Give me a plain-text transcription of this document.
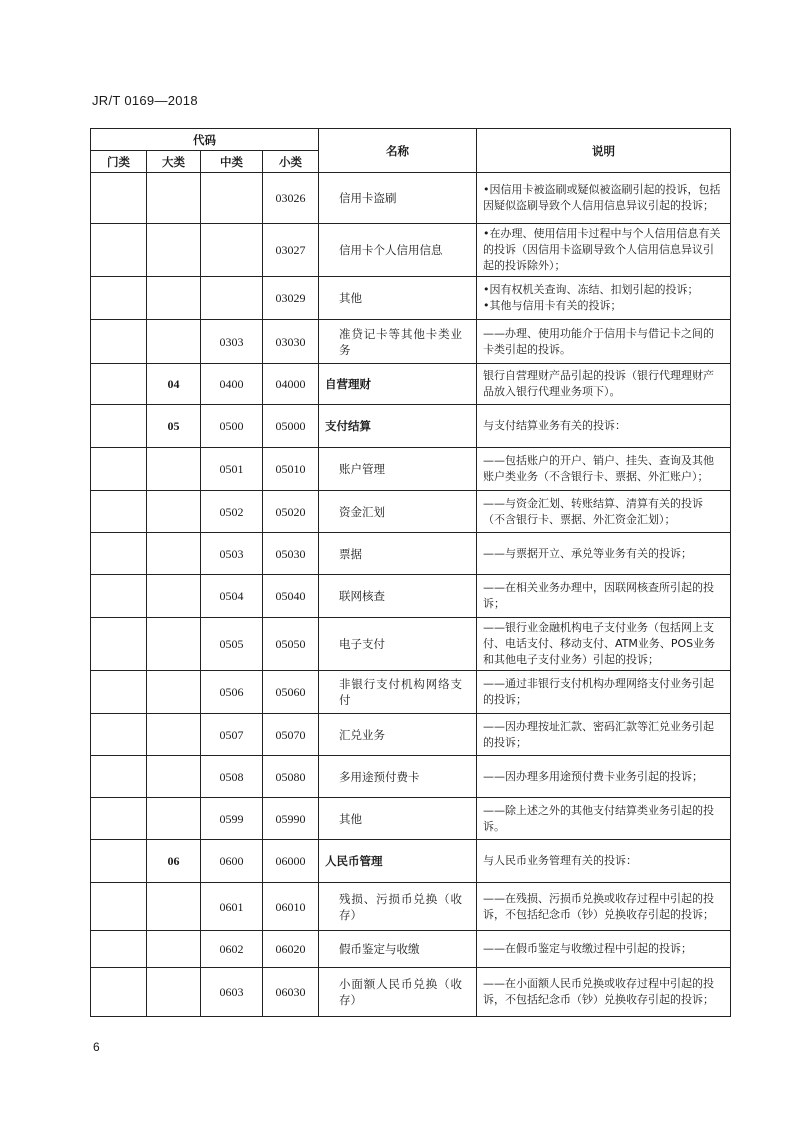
JR/T 0169—2018
代码				名称	说明
门类	大类	中类	小类		
			03026	信用卡盗刷	•因信用卡被盗刷或疑似被盗刷引起的投诉，包括因疑似盗刷导致个人信用信息异议引起的投诉；
			03027	信用卡个人信用信息	•在办理、使用信用卡过程中与个人信用信息有关的投诉（因信用卡盗刷导致个人信用信息异议引起的投诉除外）；
			03029	其他	•因有权机关查询、冻结、扣划引起的投诉；
•其他与信用卡有关的投诉；

		0303	03030	准贷记卡等其他卡类业务	——办理、使用功能介于信用卡与借记卡之间的卡类引起的投诉。
	04	0400	04000	自营理财	银行自营理财产品引起的投诉（银行代理理财产品放入银行代理业务项下）。
	05	0500	05000	支付结算	与支付结算业务有关的投诉：
		0501	05010	账户管理	——包括账户的开户、销户、挂失、查询及其他账户类业务（不含银行卡、票据、外汇账户）；
		0502	05020	资金汇划	——与资金汇划、转账结算、清算有关的投诉（不含银行卡、票据、外汇资金汇划）；
		0503	05030	票据	——与票据开立、承兑等业务有关的投诉；
		0504	05040	联网核查	——在相关业务办理中，因联网核查所引起的投诉；
		0505	05050	电子支付	——银行业金融机构电子支付业务（包括网上支付、电话支付、移动支付、ATM业务、POS业务和其他电子支付业务）引起的投诉；
		0506	05060	非银行支付机构网络支付	——通过非银行支付机构办理网络支付业务引起的投诉；
		0507	05070	汇兑业务	——因办理按址汇款、密码汇款等汇兑业务引起的投诉；
		0508	05080	多用途预付费卡	——因办理多用途预付费卡业务引起的投诉；
		0599	05990	其他	——除上述之外的其他支付结算类业务引起的投诉。
	06	0600	06000	人民币管理	与人民币业务管理有关的投诉：
		0601	06010	残损、污损币兑换（收存）	——在残损、污损币兑换或收存过程中引起的投诉，不包括纪念币（钞）兑换收存引起的投诉；
		0602	06020	假币鉴定与收缴	——在假币鉴定与收缴过程中引起的投诉；
		0603	06030	小面额人民币兑换（收存）	——在小面额人民币兑换或收存过程中引起的投诉，不包括纪念币（钞）兑换收存引起的投诉；
6
